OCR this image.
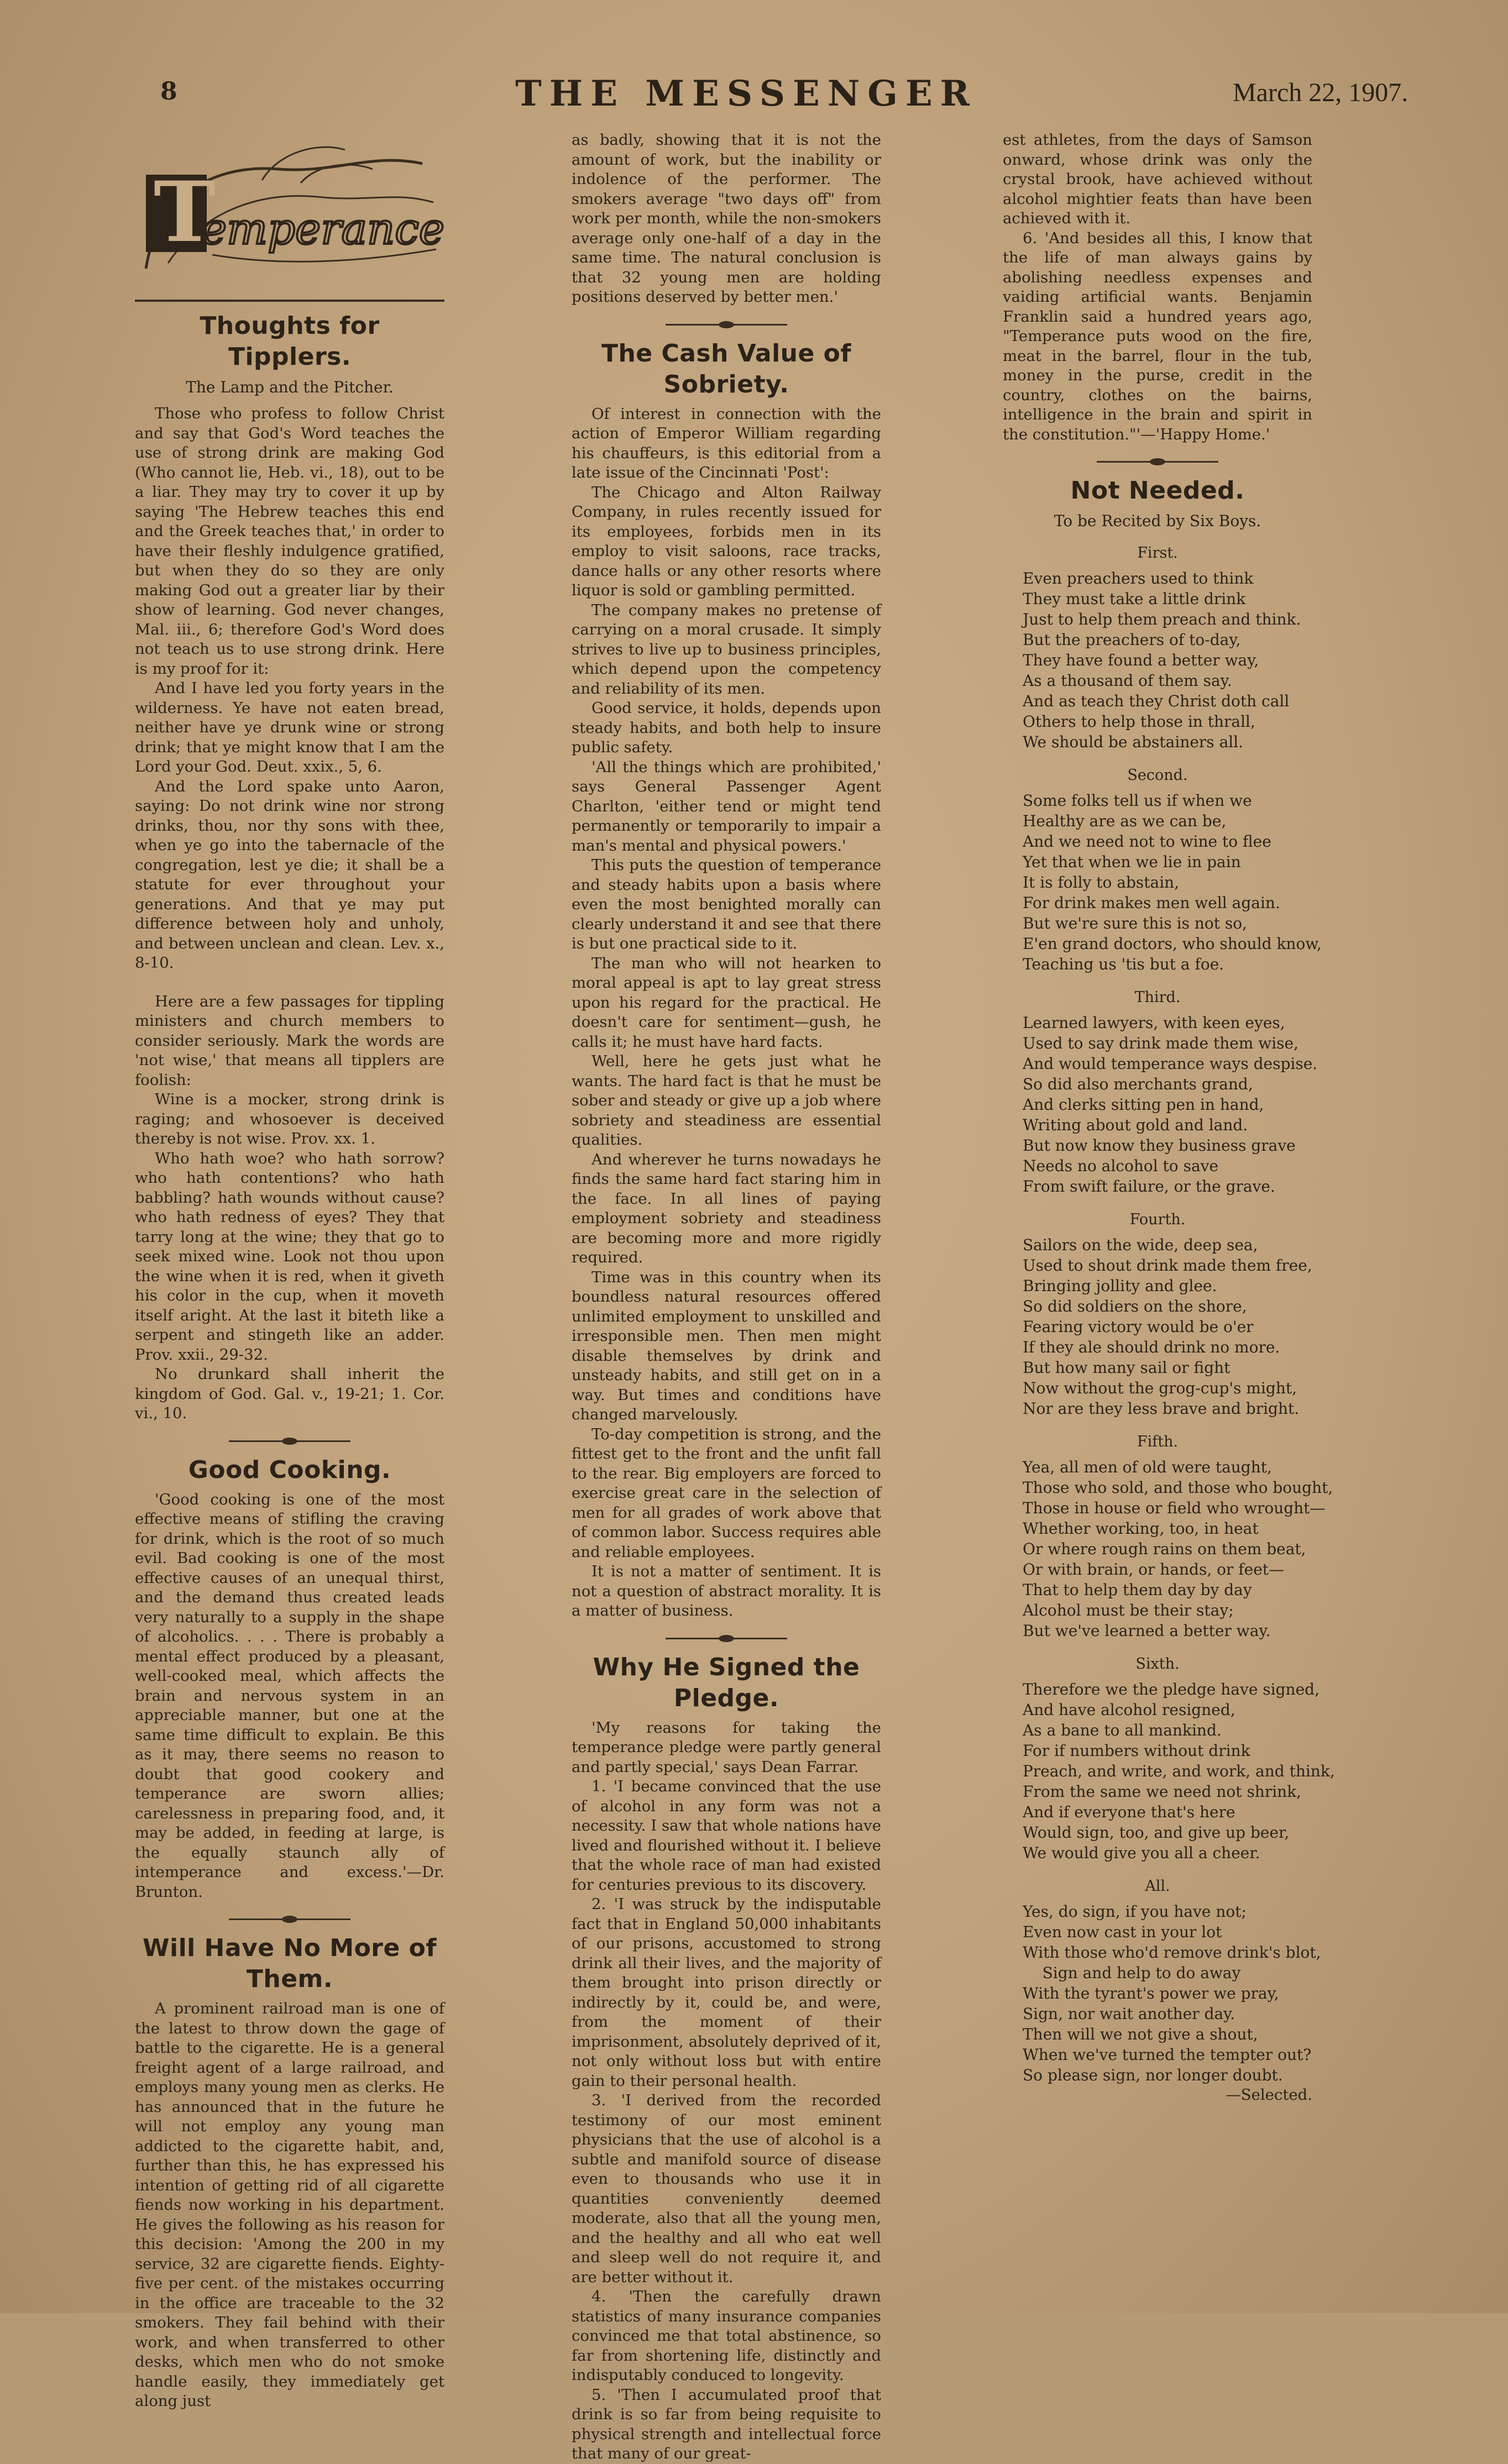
8	THE MESSENGER	March 22, 1907.
T
emperance
Thoughts for Tipplers.
The Lamp and the Pitcher.

Those who profess to follow Christ and say that God's Word teaches the use of strong drink are making God (Who cannot lie, Heb. vi., 18), out to be a liar. They may try to cover it up by saying 'The Hebrew teaches this end and the Greek teaches that,' in order to have their fleshly indulgence gratified, but when they do so they are only making God out a greater liar by their show of learning. God never changes, Mal. iii., 6; therefore God's Word does not teach us to use strong drink. Here is my proof for it:

And I have led you forty years in the wilderness. Ye have not eaten bread, neither have ye drunk wine or strong drink; that ye might know that I am the Lord your God. Deut. xxix., 5, 6.

And the Lord spake unto Aaron, saying: Do not drink wine nor strong drinks, thou, nor thy sons with thee, when ye go into the tabernacle of the congregation, lest ye die; it shall be a statute for ever throughout your generations. And that ye may put difference between holy and unholy, and between unclean and clean. Lev. x., 8-10.

Here are a few passages for tippling ministers and church members to consider seriously. Mark the words are 'not wise,' that means all tipplers are foolish:

Wine is a mocker, strong drink is raging; and whosoever is deceived thereby is not wise. Prov. xx. 1.

Who hath woe? who hath sorrow? who hath contentions? who hath babbling? hath wounds without cause? who hath redness of eyes? They that tarry long at the wine; they that go to seek mixed wine. Look not thou upon the wine when it is red, when it giveth his color in the cup, when it moveth itself aright. At the last it biteth like a serpent and stingeth like an adder. Prov. xxii., 29-32.

No drunkard shall inherit the kingdom of God. Gal. v., 19-21; 1. Cor. vi., 10.

Good Cooking.

'Good cooking is one of the most effective means of stifling the craving for drink, which is the root of so much evil. Bad cooking is one of the most effective causes of an unequal thirst, and the demand thus created leads very naturally to a supply in the shape of alcoholics. . . . There is probably a mental effect produced by a pleasant, well-cooked meal, which affects the brain and nervous system in an appreciable manner, but one at the same time difficult to explain. Be this as it may, there seems no reason to doubt that good cookery and temperance are sworn allies; carelessness in preparing food, and, it may be added, in feeding at large, is the equally staunch ally of intemperance and excess.'—Dr. Brunton.

Will Have No More of Them.

A prominent railroad man is one of the latest to throw down the gage of battle to the cigarette. He is a general freight agent of a large railroad, and employs many young men as clerks. He has announced that in the future he will not employ any young man addicted to the cigarette habit, and, further than this, he has expressed his intention of getting rid of all cigarette fiends now working in his department. He gives the following as his reason for this decision: 'Among the 200 in my service, 32 are cigarette fiends. Eighty-five per cent. of the mistakes occurring in the office are traceable to the 32 smokers. They fail behind with their work, and when transferred to other desks, which men who do not smoke handle easily, they immediately get along just

as badly, showing that it is not the amount of work, but the inability or indolence of the performer. The smokers average "two days off" from work per month, while the non-smokers average only one-half of a day in the same time. The natural conclusion is that 32 young men are holding positions deserved by better men.'

The Cash Value of Sobriety.

Of interest in connection with the action of Emperor William regarding his chauffeurs, is this editorial from a late issue of the Cincinnati 'Post':

The Chicago and Alton Railway Company, in rules recently issued for its employees, forbids men in its employ to visit saloons, race tracks, dance halls or any other resorts where liquor is sold or gambling permitted.

The company makes no pretense of carrying on a moral crusade. It simply strives to live up to business principles, which depend upon the competency and reliability of its men.

Good service, it holds, depends upon steady habits, and both help to insure public safety.

'All the things which are prohibited,' says General Passenger Agent Charlton, 'either tend or might tend permanently or temporarily to impair a man's mental and physical powers.'

This puts the question of temperance and steady habits upon a basis where even the most benighted morally can clearly understand it and see that there is but one practical side to it.

The man who will not hearken to moral appeal is apt to lay great stress upon his regard for the practical. He doesn't care for sentiment—gush, he calls it; he must have hard facts.

Well, here he gets just what he wants. The hard fact is that he must be sober and steady or give up a job where sobriety and steadiness are essential qualities.

And wherever he turns nowadays he finds the same hard fact staring him in the face. In all lines of paying employment sobriety and steadiness are becoming more and more rigidly required.

Time was in this country when its boundless natural resources offered unlimited employment to unskilled and irresponsible men. Then men might disable themselves by drink and unsteady habits, and still get on in a way. But times and conditions have changed marvelously.

To-day competition is strong, and the fittest get to the front and the unfit fall to the rear. Big employers are forced to exercise great care in the selection of men for all grades of work above that of common labor. Success requires able and reliable employees.

It is not a matter of sentiment. It is not a question of abstract morality. It is a matter of business.

Why He Signed the Pledge.

'My reasons for taking the temperance pledge were partly general and partly special,' says Dean Farrar.

1. 'I became convinced that the use of alcohol in any form was not a necessity. I saw that whole nations have lived and flourished without it. I believe that the whole race of man had existed for centuries previous to its discovery.

2. 'I was struck by the indisputable fact that in England 50,000 inhabitants of our prisons, accustomed to strong drink all their lives, and the majority of them brought into prison directly or indirectly by it, could be, and were, from the moment of their imprisonment, absolutely deprived of it, not only without loss but with entire gain to their personal health.

3. 'I derived from the recorded testimony of our most eminent physicians that the use of alcohol is a subtle and manifold source of disease even to thousands who use it in quantities conveniently deemed moderate, also that all the young men, and the healthy and all who eat well and sleep well do not require it, and are better without it.

4. 'Then the carefully drawn statistics of many insurance companies convinced me that total abstinence, so far from shortening life, distinctly and indisputably conduced to longevity.

5. 'Then I accumulated proof that drink is so far from being requisite to physical strength and intellectual force that many of our great-

est athletes, from the days of Samson onward, whose drink was only the crystal brook, have achieved without alcohol mightier feats than have been achieved with it.

6. 'And besides all this, I know that the life of man always gains by abolishing needless expenses and vaiding artificial wants. Benjamin Franklin said a hundred years ago, "Temperance puts wood on the fire, meat in the barrel, flour in the tub, money in the purse, credit in the country, clothes on the bairns, intelligence in the brain and spirit in the constitution."'—'Happy Home.'

Not Needed.
To be Recited by Six Boys.
First.
Even preachers used to think
They must take a little drink
Just to help them preach and think.
But the preachers of to-day,
They have found a better way,
As a thousand of them say.
And as teach they Christ doth call
Others to help those in thrall,
We should be abstainers all.
Second.
Some folks tell us if when we
Healthy are as we can be,
And we need not to wine to flee
Yet that when we lie in pain
It is folly to abstain,
For drink makes men well again.
But we're sure this is not so,
E'en grand doctors, who should know,
Teaching us 'tis but a foe.
Third.
Learned lawyers, with keen eyes,
Used to say drink made them wise,
And would temperance ways despise.
So did also merchants grand,
And clerks sitting pen in hand,
Writing about gold and land.
But now know they business grave
Needs no alcohol to save
From swift failure, or the grave.
Fourth.
Sailors on the wide, deep sea,
Used to shout drink made them free,
Bringing jollity and glee.
So did soldiers on the shore,
Fearing victory would be o'er
If they ale should drink no more.
But how many sail or fight
Now without the grog-cup's might,
Nor are they less brave and bright.
Fifth.
Yea, all men of old were taught,
Those who sold, and those who bought,
Those in house or field who wrought—
Whether working, too, in heat
Or where rough rains on them beat,
Or with brain, or hands, or feet—
That to help them day by day
Alcohol must be their stay;
But we've learned a better way.
Sixth.
Therefore we the pledge have signed,
And have alcohol resigned,
As a bane to all mankind.
For if numbers without drink
Preach, and write, and work, and think,
From the same we need not shrink,
And if everyone that's here
Would sign, too, and give up beer,
We would give you all a cheer.
All.
Yes, do sign, if you have not;
Even now cast in your lot
With those who'd remove drink's blot,
Sign and help to do away
With the tyrant's power we pray,
Sign, nor wait another day.
Then will we not give a shout,
When we've turned the tempter out?
So please sign, nor longer doubt.

—Selected.
